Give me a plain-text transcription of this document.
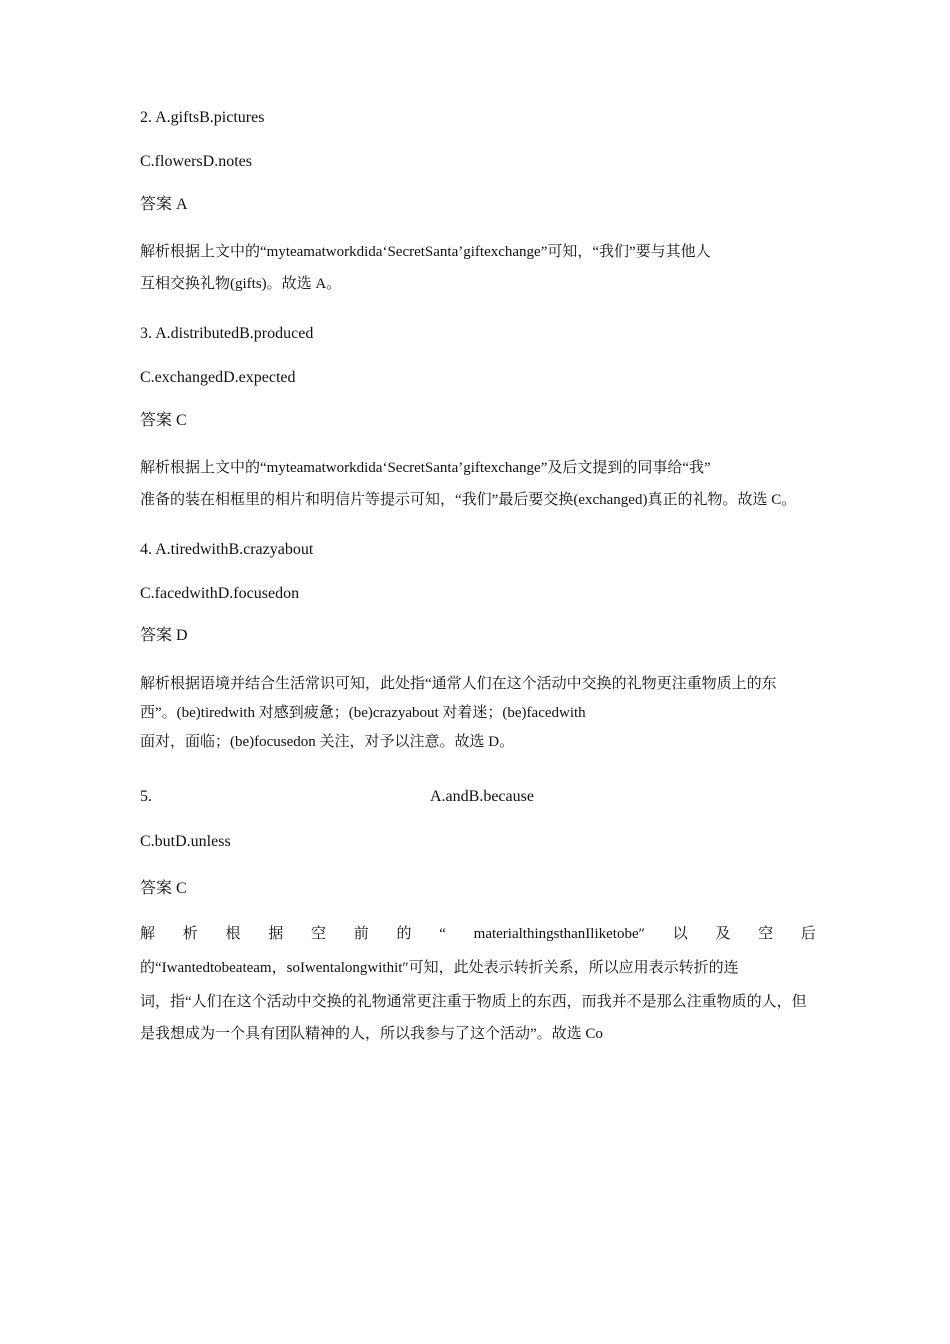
2. A.giftsB.pictures
C.flowersD.notes
答案 A
解析根据上文中的“myteamatworkdida‘SecretSanta’giftexchange”可知，“我们”要与其他人
互相交换礼物(gifts)。故选 A。
3. A.distributedB.produced
C.exchangedD.expected
答案 C
解析根据上文中的“myteamatworkdida‘SecretSanta’giftexchange”及后文提到的同事给“我”
准备的装在相框里的相片和明信片等提示可知，“我们”最后要交换(exchanged)真正的礼物。故选 C。
4. A.tiredwithB.crazyabout
C.facedwithD.focusedon
答案 D
解析根据语境并结合生活常识可知，此处指“通常人们在这个活动中交换的礼物更注重物质上的东
西”。(be)tiredwith 对感到疲惫；(be)crazyabout 对着迷；(be)facedwith
面对，面临；(be)focusedon 关注，对予以注意。故选 D。
5.	A.andB.because
C.butD.unless
答案 C
解 析 根 据 空 前 的 “ materialthingsthanIliketobe″ 以 及 空 后
的“Iwantedtobeateam，soIwentalongwithit″可知，此处表示转折关系，所以应用表示转折的连
词，指“人们在这个活动中交换的礼物通常更注重于物质上的东西，而我并不是那么注重物质的人，但
是我想成为一个具有团队精神的人，所以我参与了这个活动”。故选 Co
